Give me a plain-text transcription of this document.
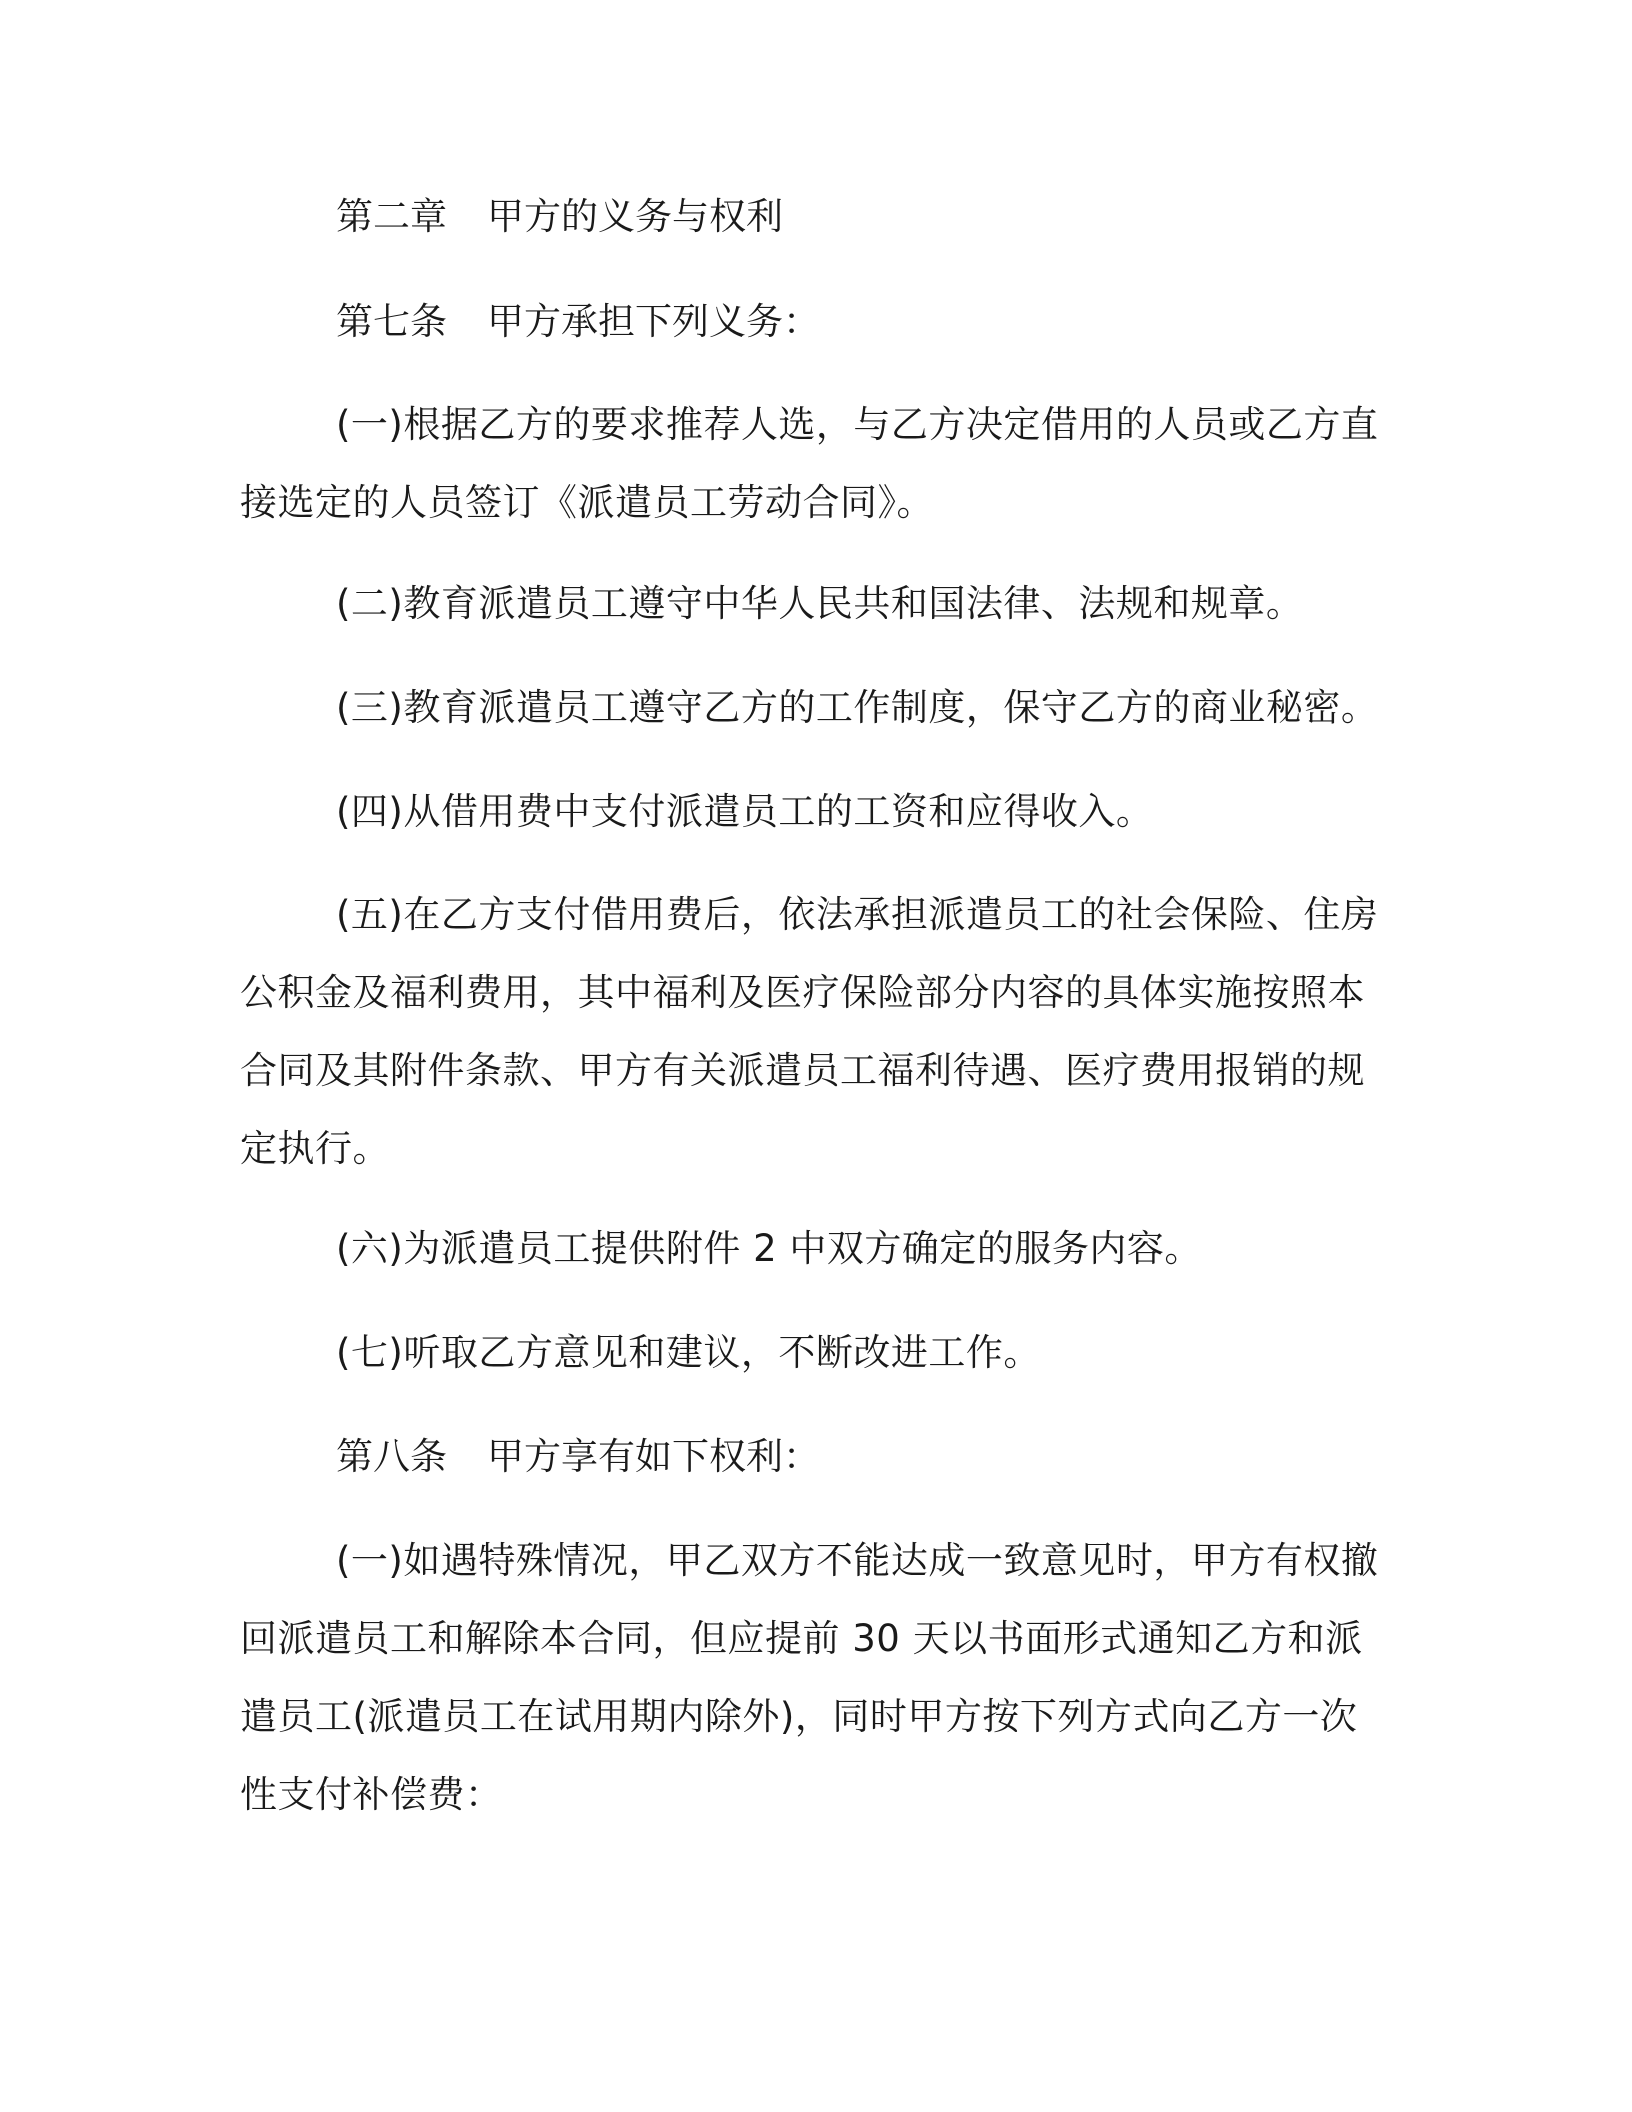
第二章 甲方的义务与权利

第七条 甲方承担下列义务：

(一)根据乙方的要求推荐人选，与乙方决定借用的人员或乙方直接选定的人员签订《派遣员工劳动合同》。

(二)教育派遣员工遵守中华人民共和国法律、法规和规章。

(三)教育派遣员工遵守乙方的工作制度，保守乙方的商业秘密。

(四)从借用费中支付派遣员工的工资和应得收入。

(五)在乙方支付借用费后，依法承担派遣员工的社会保险、住房公积金及福利费用，其中福利及医疗保险部分内容的具体实施按照本合同及其附件条款、甲方有关派遣员工福利待遇、医疗费用报销的规定执行。

(六)为派遣员工提供附件 2 中双方确定的服务内容。

(七)听取乙方意见和建议，不断改进工作。

第八条 甲方享有如下权利：

(一)如遇特殊情况，甲乙双方不能达成一致意见时，甲方有权撤回派遣员工和解除本合同，但应提前 30 天以书面形式通知乙方和派遣员工(派遣员工在试用期内除外)，同时甲方按下列方式向乙方一次性支付补偿费：
